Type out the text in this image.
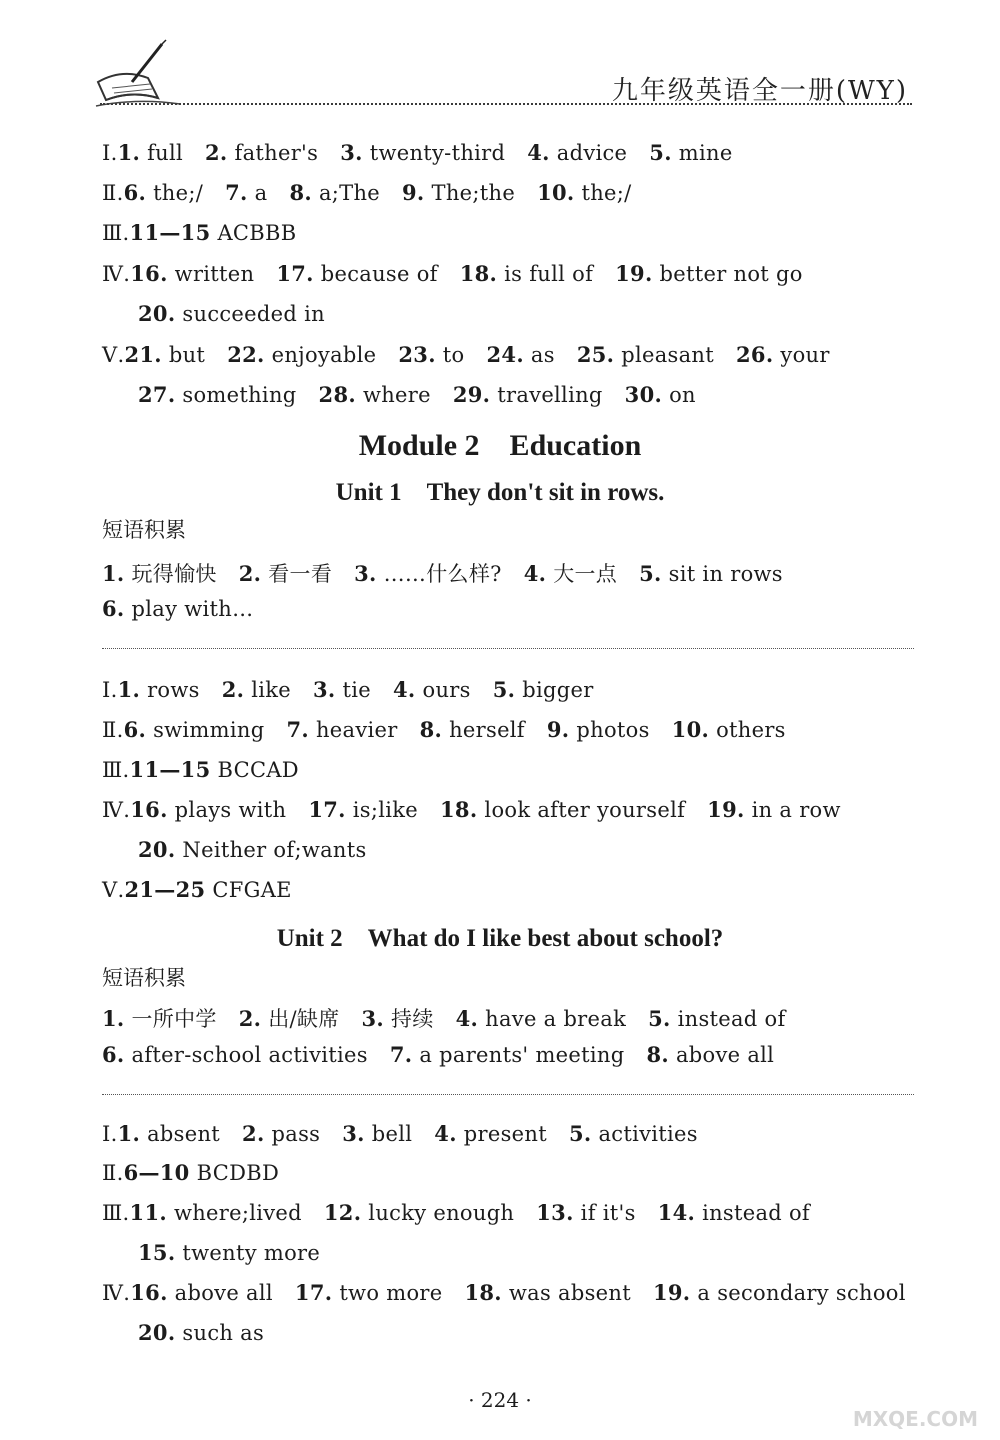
九年级英语全一册(WY)
Ⅰ.1. full 2. father's 3. twenty-third 4. advice 5. mine
Ⅱ.6. the;/ 7. a 8. a;The 9. The;the 10. the;/
Ⅲ.11—15 ACBBB
Ⅳ.16. written 17. because of 18. is full of 19. better not go
20. succeeded in
Ⅴ.21. but 22. enjoyable 23. to 24. as 25. pleasant 26. your
27. something 28. where 29. travelling 30. on
Module 2　Education
Unit 1　They don't sit in rows.
短语积累
1. 玩得愉快 2. 看一看 3. ……什么样? 4. 大一点 5. sit in rows
6. play with…
Ⅰ.1. rows 2. like 3. tie 4. ours 5. bigger
Ⅱ.6. swimming 7. heavier 8. herself 9. photos 10. others
Ⅲ.11—15 BCCAD
Ⅳ.16. plays with 17. is;like 18. look after yourself 19. in a row
20. Neither of;wants
Ⅴ.21—25 CFGAE
Unit 2　What do I like best about school?
短语积累
1. 一所中学 2. 出/缺席 3. 持续 4. have a break 5. instead of
6. after-school activities 7. a parents' meeting 8. above all
Ⅰ.1. absent 2. pass 3. bell 4. present 5. activities
Ⅱ.6—10 BCDBD
Ⅲ.11. where;lived 12. lucky enough 13. if it's 14. instead of
15. twenty more
Ⅳ.16. above all 17. two more 18. was absent 19. a secondary school
20. such as
· 224 ·
MXQE.COM
